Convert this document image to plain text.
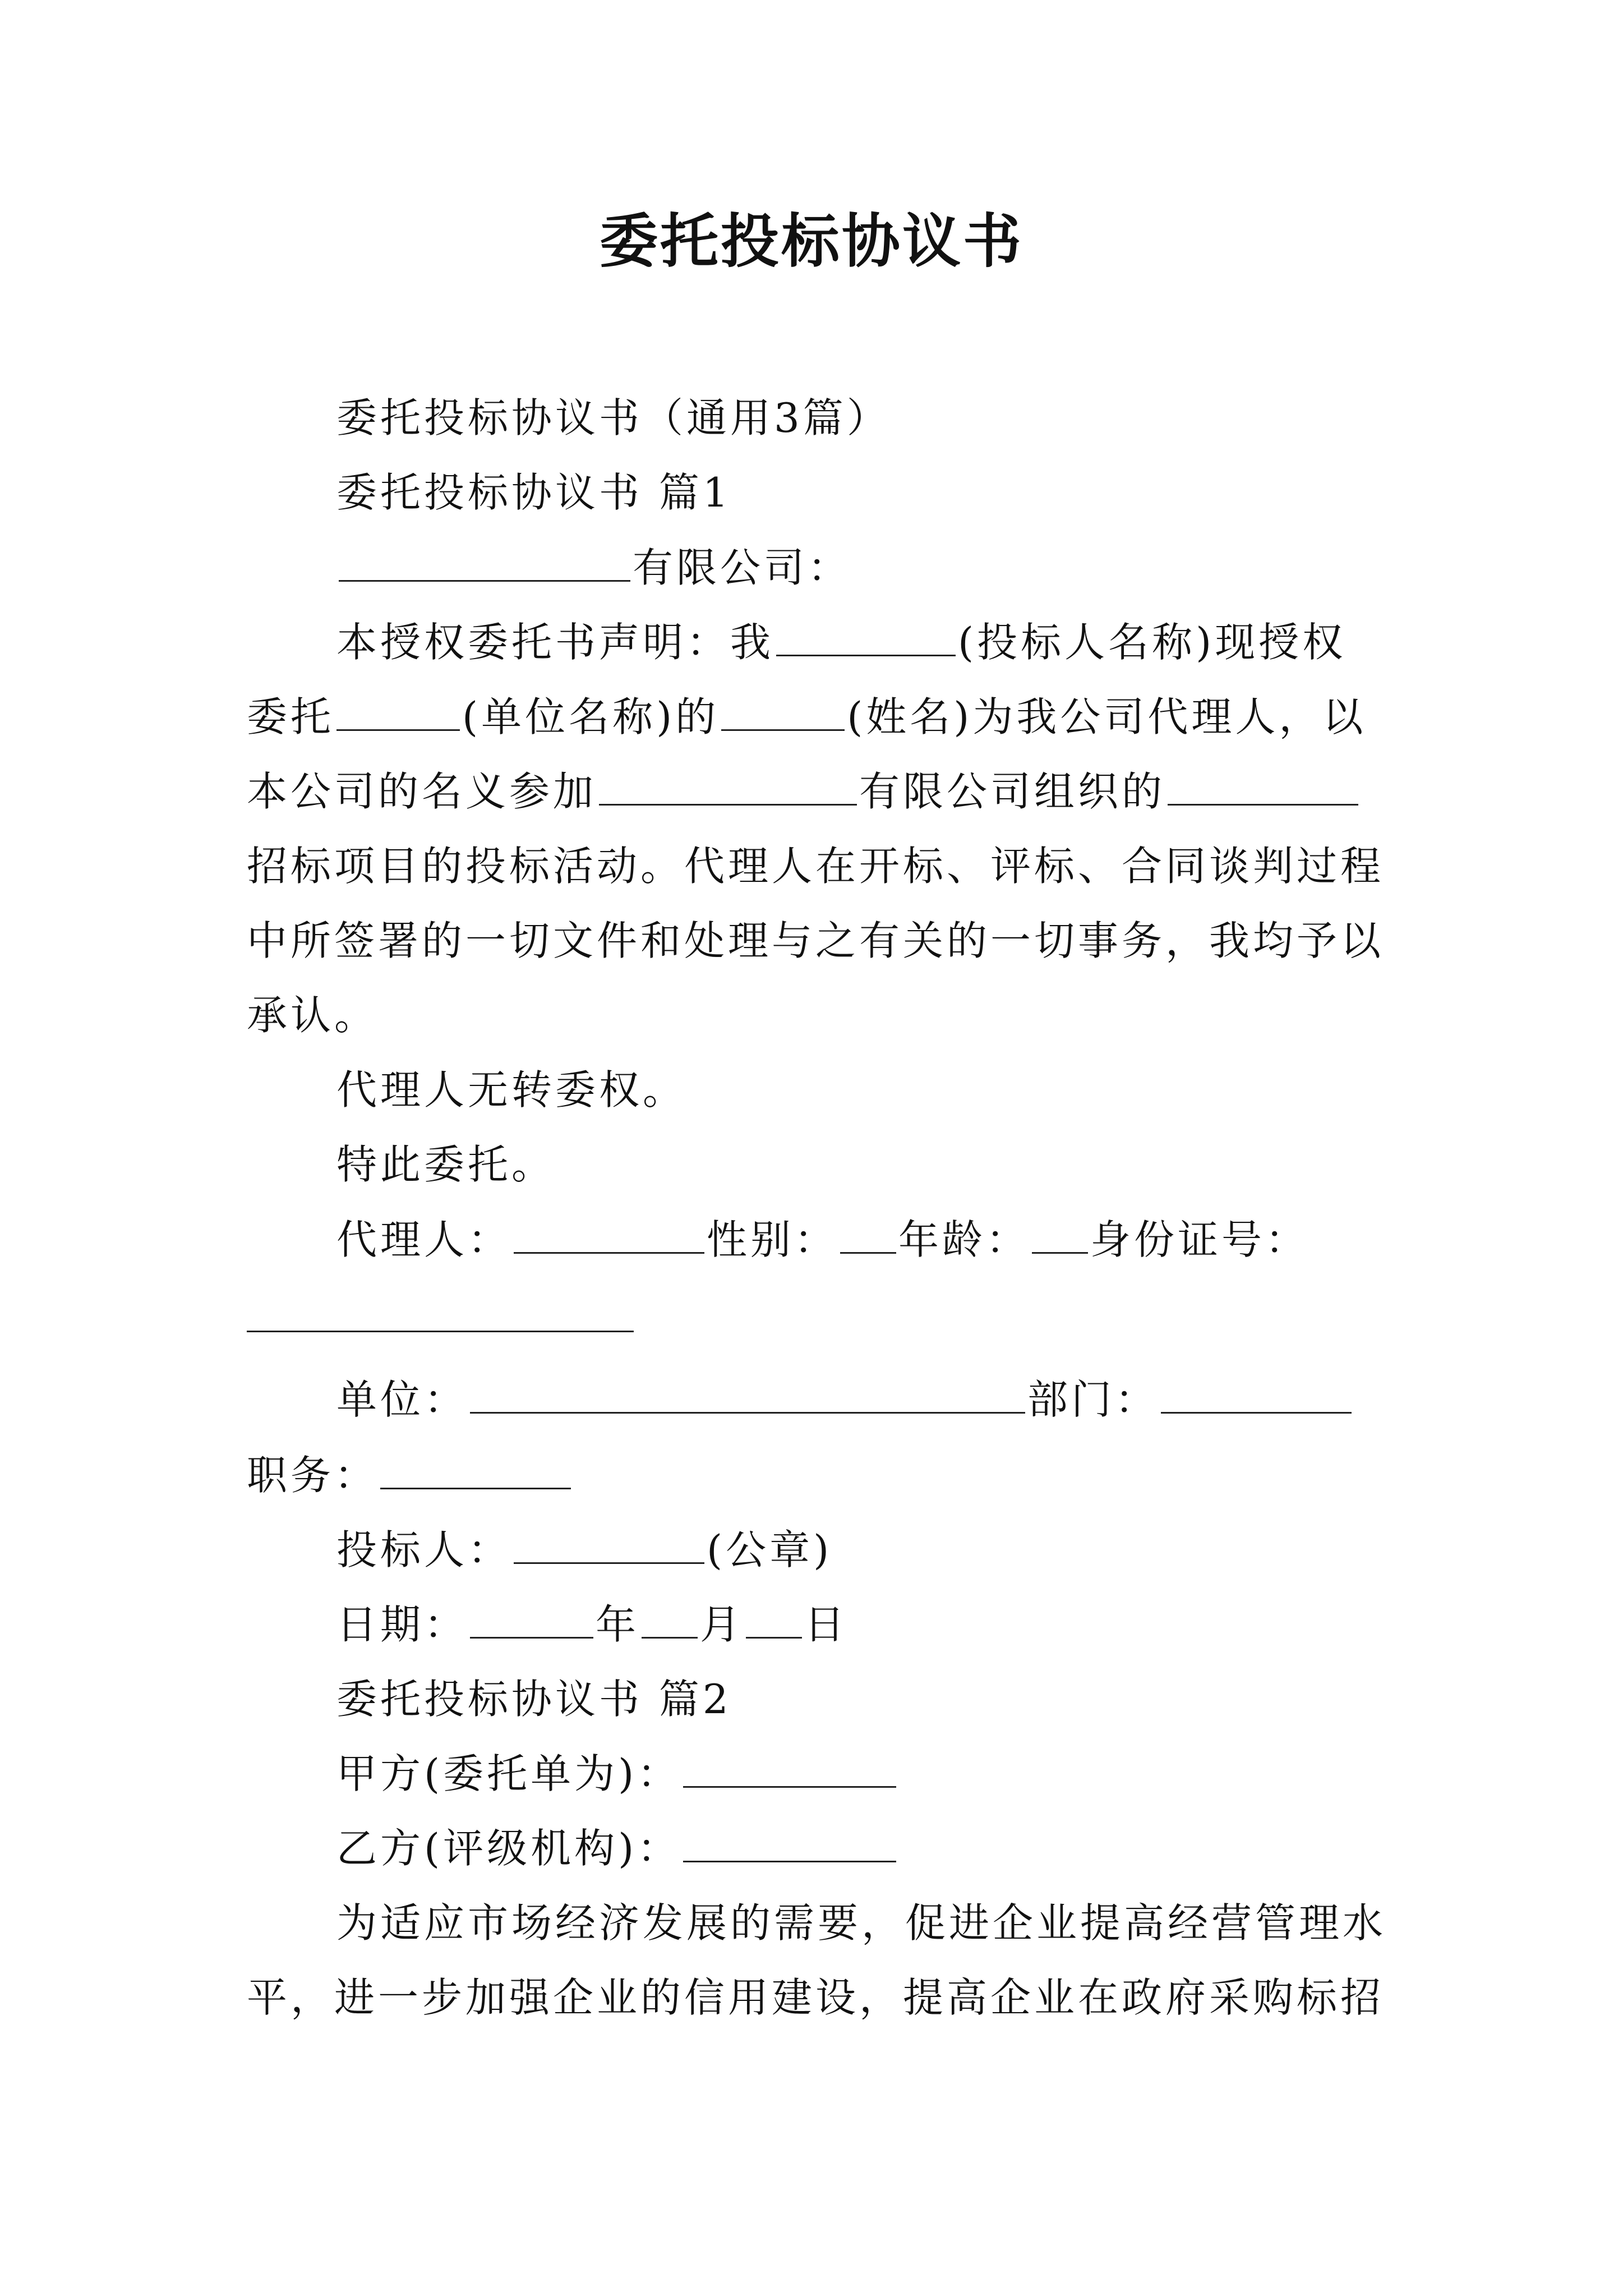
委托投标协议书
委托投标协议书（通用3篇）
委托投标协议书 篇1
有限公司：
本授权委托书声明：我	(投标人名称)现授权
委托	(单位名称)的	(姓名)为我公司代理人，以
本公司的名义参加	有限公司组织的
招标项目的投标活动。代理人在开标、评标、合同谈判过程
中所签署的一切文件和处理与之有关的一切事务，我均予以
承认。
代理人无转委权。
特此委托。
代理人：	性别： 年龄： 身份证号：
单位：	部门：
职务：
投标人：	(公章)
日期：	年 月 日
委托投标协议书 篇2
甲方(委托单为)：
乙方(评级机构)：
为适应市场经济发展的需要，促进企业提高经营管理水
平，进一步加强企业的信用建设，提高企业在政府采购标招
